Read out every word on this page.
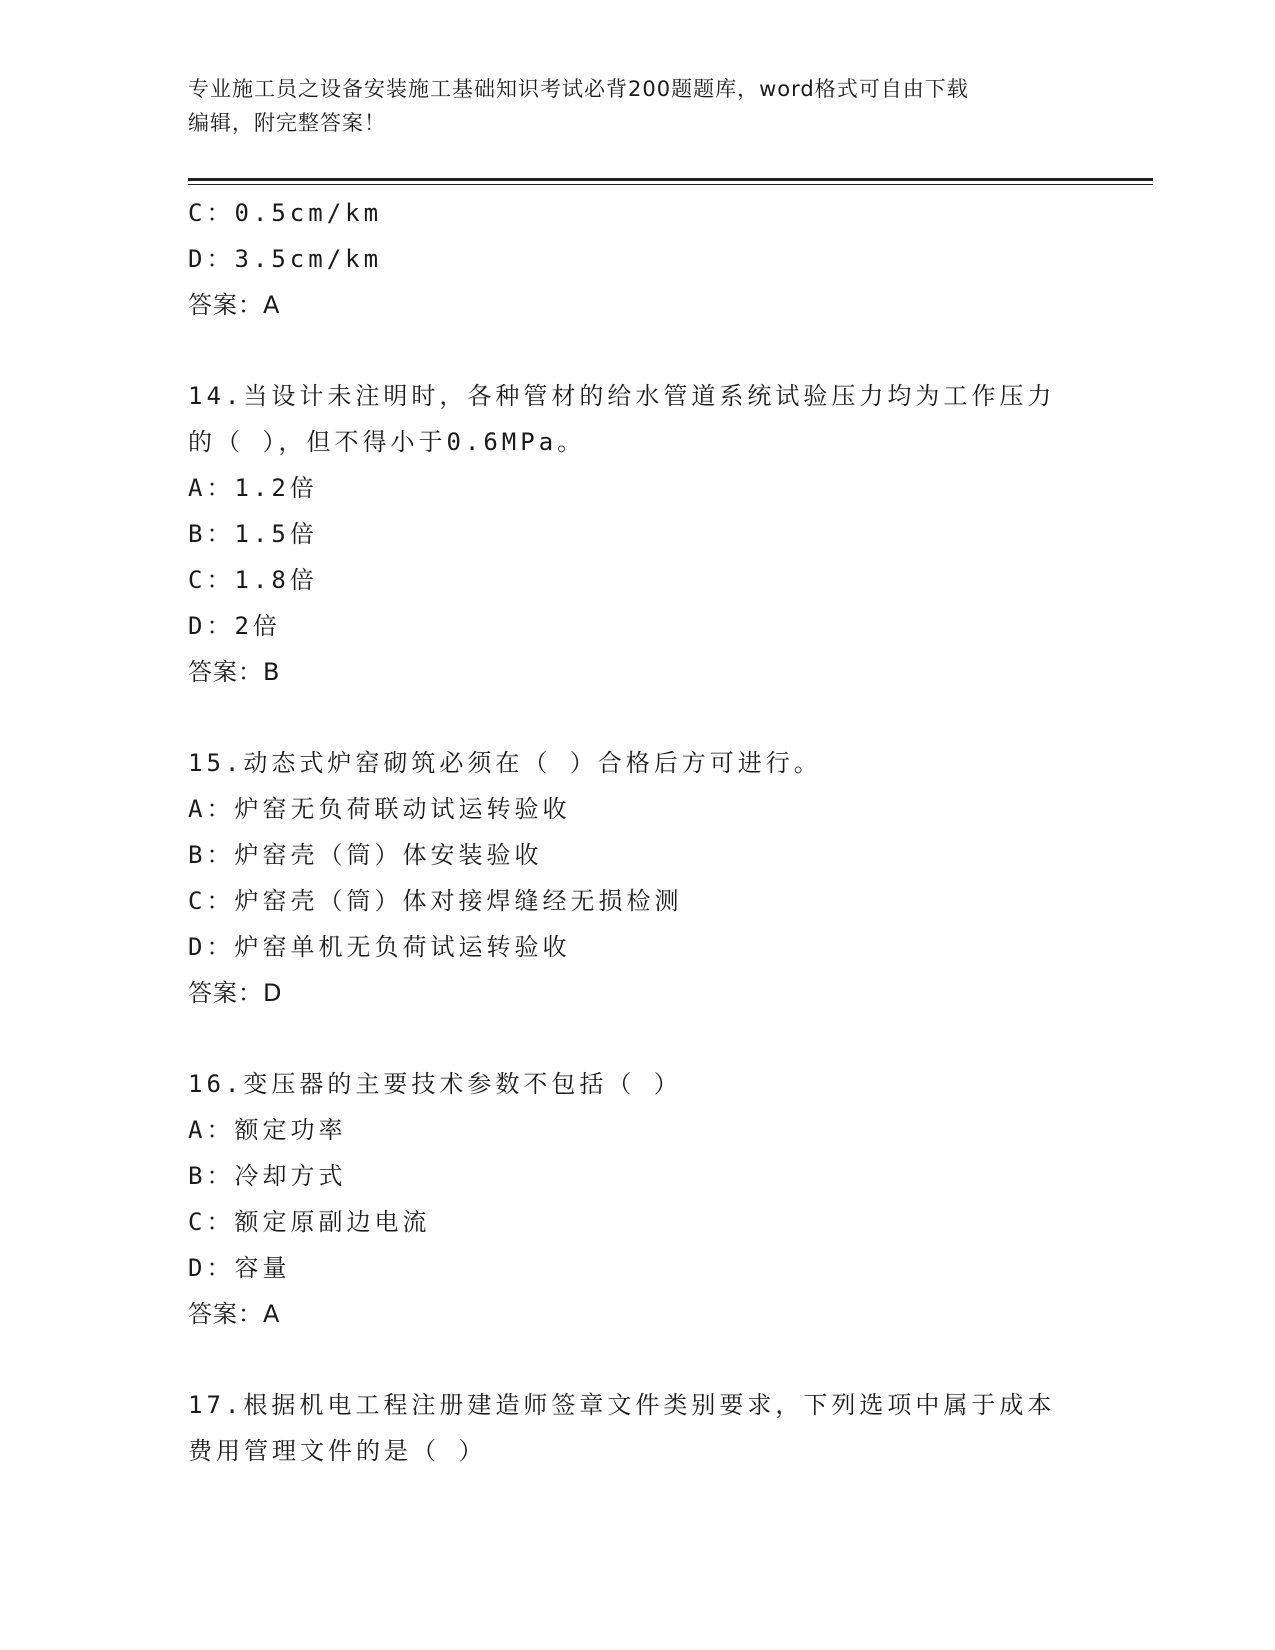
专业施工员之设备安装施工基础知识考试必背200题题库，word格式可自由下载
编辑，附完整答案！
C：0.5cm/km
D：3.5cm/km
答案：A
14.当设计未注明时，各种管材的给水管道系统试验压力均为工作压力
的（ ），但不得小于0.6MPa。
A：1.2倍
B：1.5倍
C：1.8倍
D：2倍
答案：B
15.动态式炉窑砌筑必须在（ ）合格后方可进行。
A：炉窑无负荷联动试运转验收
B：炉窑壳（筒）体安装验收
C：炉窑壳（筒）体对接焊缝经无损检测
D：炉窑单机无负荷试运转验收
答案：D
16.变压器的主要技术参数不包括（ ）
A：额定功率
B：冷却方式
C：额定原副边电流
D：容量
答案：A
17.根据机电工程注册建造师签章文件类别要求，下列选项中属于成本
费用管理文件的是（ ）
